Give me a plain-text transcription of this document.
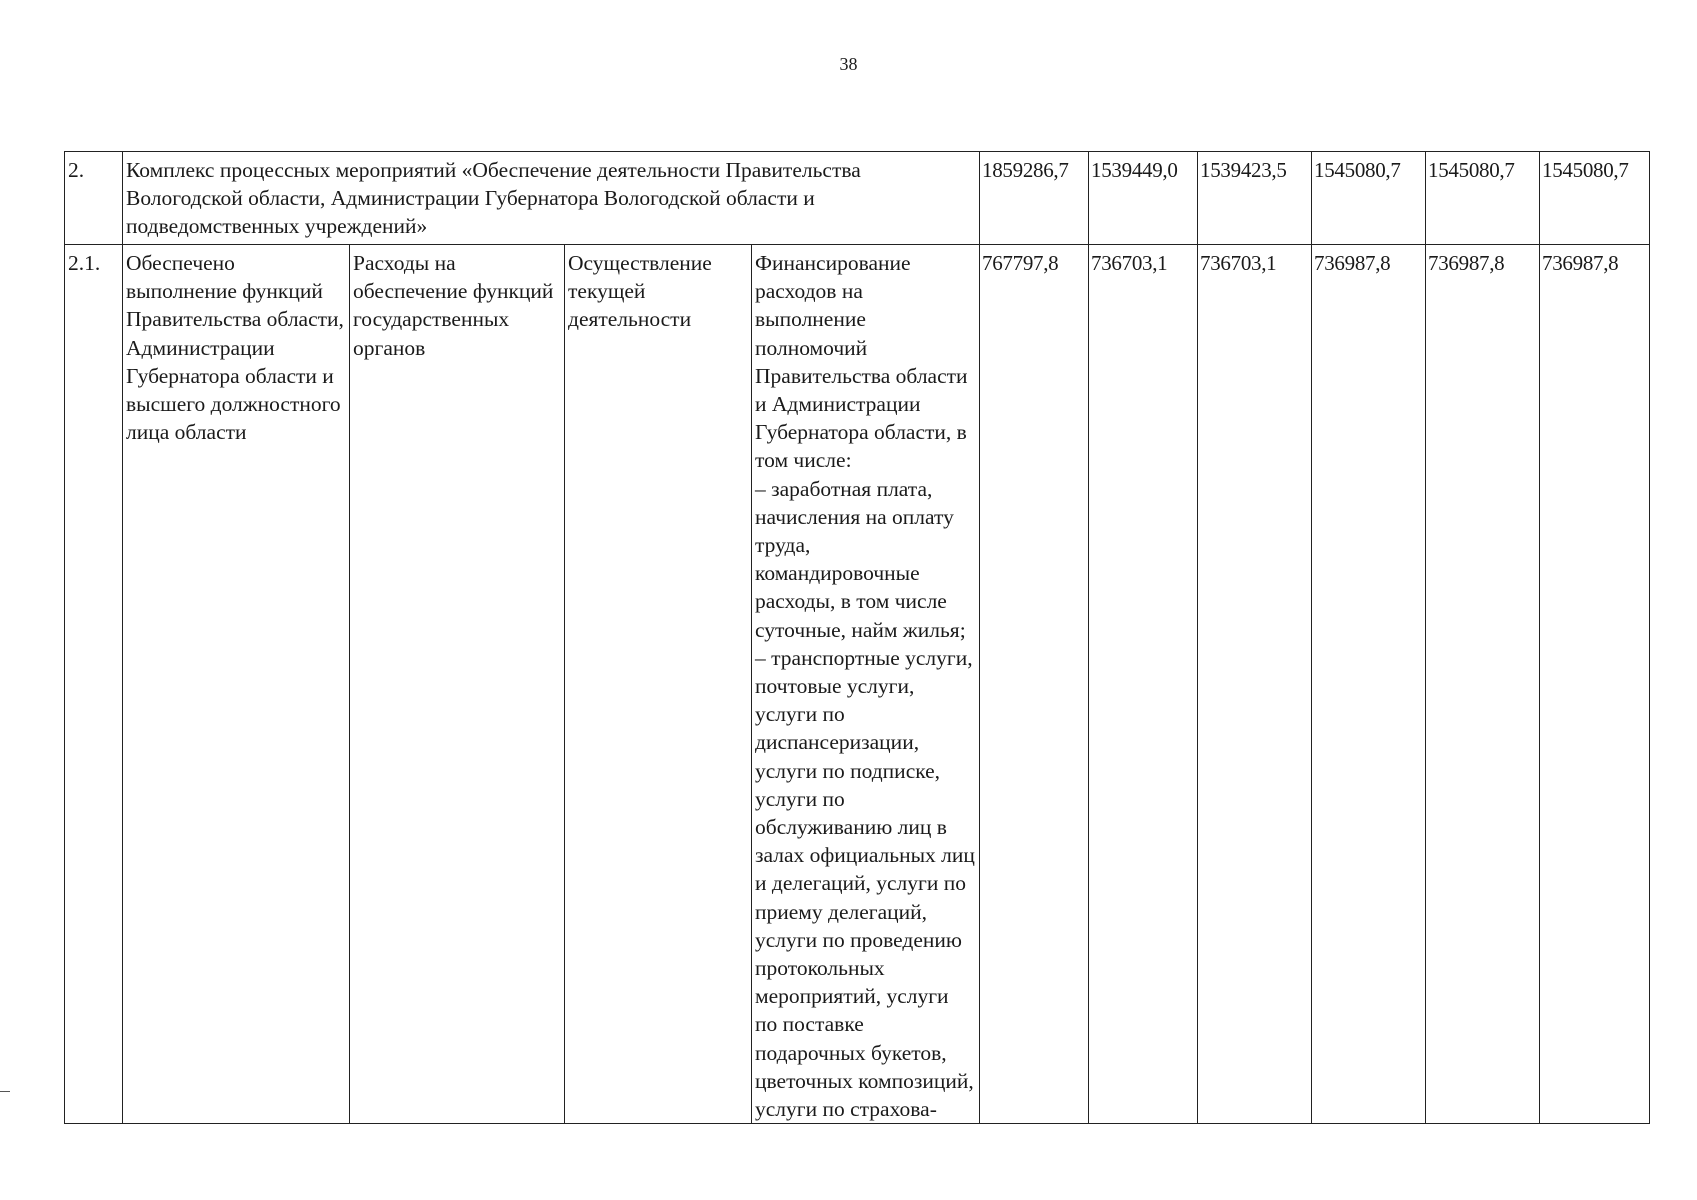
38
2.	Комплекс процессных мероприятий «Обеспечение деятельности Правительства Вологодской области, Администрации Губернатора Вологодской области и подведомственных учреждений»				1859286,7	1539449,0	1539423,5	1545080,7	1545080,7	1545080,7
2.1.	Обеспечено выполнение функций Правительства области, Администрации Губернатора области и высшего должностного лица области	Расходы на обеспечение функций государственных органов	Осуществление текущей деятельности	Финансирование расходов на выполнение полномочий Правительства области и Администрации Губернатора области, в том числе:
– заработная плата, начисления на оплату труда, командировочные расходы, в том числе суточные, найм жилья;
– транспортные услуги, почтовые услуги, услуги по диспансеризации, услуги по подписке, услуги по обслуживанию лиц в залах официальных лиц и делегаций, услуги по приему делегаций, услуги по проведению протокольных мероприятий, услуги по поставке подарочных букетов, цветочных композиций, услуги по страхова-	767797,8	736703,1	736703,1	736987,8	736987,8	736987,8
